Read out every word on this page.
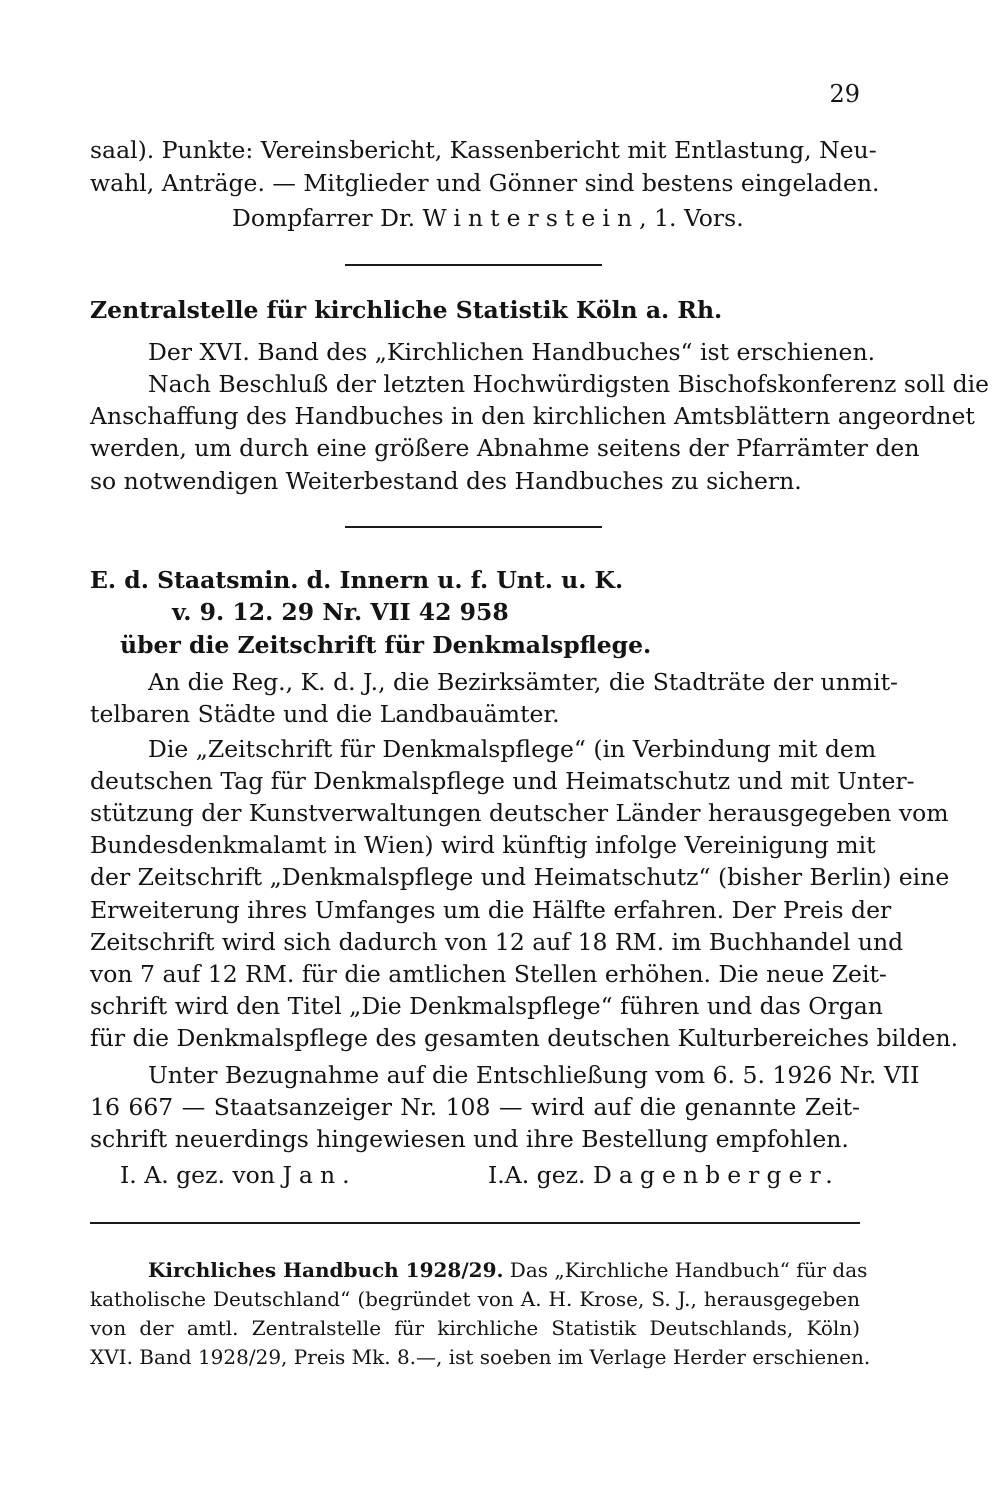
29
saal). Punkte: Vereinsbericht, Kassenbericht mit Entlastung, Neu-
wahl, Anträge. — Mitglieder und Gönner sind bestens eingeladen.
Dompfarrer Dr. Winterstein, 1. Vors.
Zentralstelle für kirchliche Statistik Köln a. Rh.
Der XVI. Band des „Kirchlichen Handbuches“ ist erschienen.
Nach Beschluß der letzten Hochwürdigsten Bischofskonferenz soll die
Anschaffung des Handbuches in den kirchlichen Amtsblättern angeordnet
werden, um durch eine größere Abnahme seitens der Pfarrämter den
so notwendigen Weiterbestand des Handbuches zu sichern.
E. d. Staatsmin. d. Innern u. f. Unt. u. K.
v. 9. 12. 29 Nr. VII 42 958
über die Zeitschrift für Denkmalspflege.
An die Reg., K. d. J., die Bezirksämter, die Stadträte der unmit-
telbaren Städte und die Landbauämter.
Die „Zeitschrift für Denkmalspflege“ (in Verbindung mit dem
deutschen Tag für Denkmalspflege und Heimatschutz und mit Unter-
stützung der Kunstverwaltungen deutscher Länder herausgegeben vom
Bundesdenkmalamt in Wien) wird künftig infolge Vereinigung mit
der Zeitschrift „Denkmalspflege und Heimatschutz“ (bisher Berlin) eine
Erweiterung ihres Umfanges um die Hälfte erfahren. Der Preis der
Zeitschrift wird sich dadurch von 12 auf 18 RM. im Buchhandel und
von 7 auf 12 RM. für die amtlichen Stellen erhöhen. Die neue Zeit-
schrift wird den Titel „Die Denkmalspflege“ führen und das Organ
für die Denkmalspflege des gesamten deutschen Kulturbereiches bilden.
Unter Bezugnahme auf die Entschließung vom 6. 5. 1926 Nr. VII
16 667 — Staatsanzeiger Nr. 108 — wird auf die genannte Zeit-
schrift neuerdings hingewiesen und ihre Bestellung empfohlen.
I. A. gez. von Jan.	I.A. gez. Dagenberger.
Kirchliches Handbuch 1928/29. Das „Kirchliche Handbuch“ für das
katholische Deutschland“ (begründet von A. H. Krose, S. J., herausgegeben
von der amtl. Zentralstelle für kirchliche Statistik Deutschlands, Köln)
XVI. Band 1928/29, Preis Mk. 8.—, ist soeben im Verlage Herder erschienen.
